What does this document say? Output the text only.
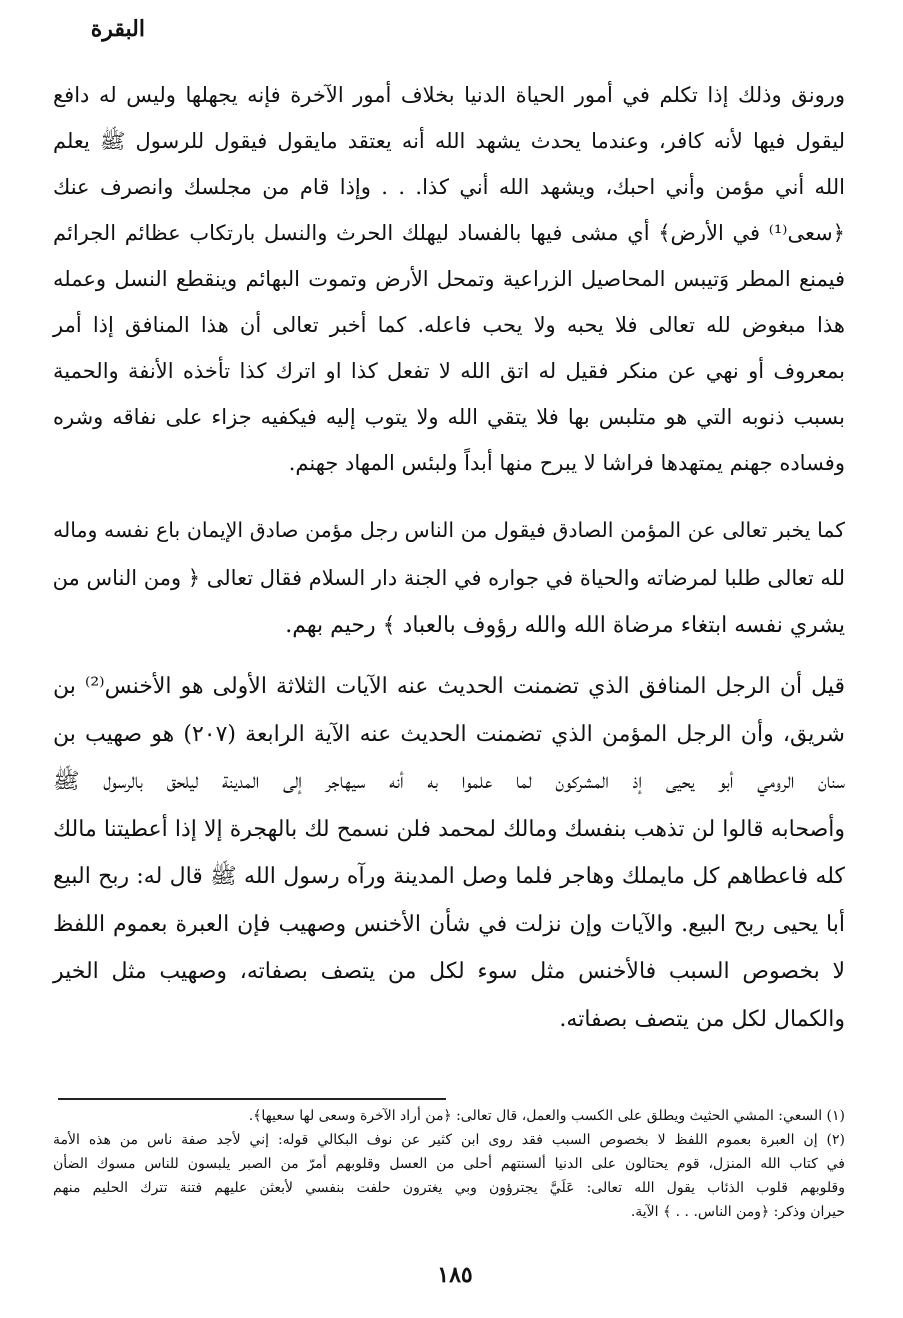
البقرة
ورونق وذلك إذا تكلم في أمور الحياة الدنيا بخلاف أمور الآخرة فإنه يجهلها وليس له دافع
ليقول فيها لأنه كافر، وعندما يحدث يشهد الله أنه يعتقد مايقول فيقول للرسول ﷺ يعلم
الله أني مؤمن وأني احبك، ويشهد الله أني كذا. . . وإذا قام من مجلسك وانصرف عنك
﴿سعى⁽¹⁾ في الأرض﴾ أي مشى فيها بالفساد ليهلك الحرث والنسل بارتكاب عظائم الجرائم
فيمنع المطر وَتيبس المحاصيل الزراعية وتمحل الأرض وتموت البهائم وينقطع النسل وعمله
هذا مبغوض لله تعالى فلا يحبه ولا يحب فاعله. كما أخبر تعالى أن هذا المنافق إذا أمر
بمعروف أو نهي عن منكر فقيل له اتق الله لا تفعل كذا او اترك كذا تأخذه الأنفة والحمية
بسبب ذنوبه التي هو متلبس بها فلا يتقي الله ولا يتوب إليه فيكفيه جزاء على نفاقه وشره
وفساده جهنم يمتهدها فراشا لا يبرح منها أبداً ولبئس المهاد جهنم.
كما يخبر تعالى عن المؤمن الصادق فيقول من الناس رجل مؤمن صادق الإيمان باع نفسه وماله
لله تعالى طلبا لمرضاته والحياة في جواره في الجنة دار السلام فقال تعالى ﴿ ومن الناس من
يشري نفسه ابتغاء مرضاة الله والله رؤوف بالعباد ﴾ رحيم بهم.
قيل أن الرجل المنافق الذي تضمنت الحديث عنه الآيات الثلاثة الأولى هو الأخنس⁽²⁾ بن
شريق، وأن الرجل المؤمن الذي تضمنت الحديث عنه الآية الرابعة (٢٠٧) هو صهيب بن
سنان الرومي أبو يحيى إذ المشركون لما علموا به أنه سيهاجر إلى المدينة ليلحق بالرسول ﷺ
وأصحابه قالوا لن تذهب بنفسك ومالك لمحمد فلن نسمح لك بالهجرة إلا إذا أعطيتنا مالك
كله فاعطاهم كل مايملك وهاجر فلما وصل المدينة ورآه رسول الله ﷺ قال له: ربح البيع
أبا يحيى ربح البيع. والآيات وإن نزلت في شأن الأخنس وصهيب فإن العبرة بعموم اللفظ
لا بخصوص السبب فالأخنس مثل سوء لكل من يتصف بصفاته، وصهيب مثل الخير
والكمال لكل من يتصف بصفاته.
(١) السعي: المشي الحثيث ويطلق على الكسب والعمل، قال تعالى: ﴿من أراد الآخرة وسعى لها سعيها﴾.
(٢) إن العبرة بعموم اللفظ لا بخصوص السبب فقد روى ابن كثير عن نوف البكالي قوله: إني لأجد صفة ناس من هذه الأمة
في كتاب الله المنزل، قوم يحتالون على الدنيا ألسنتهم أحلى من العسل وقلوبهم أمرّ من الصبر يلبسون للناس مسوك الضأن
وقلوبهم قلوب الذئاب يقول الله تعالى: عَلَيَّ يجترؤون وبي يغترون حلفت بنفسي لأبعثن عليهم فتنة تترك الحليم منهم
حيران وذكر: ﴿ومن الناس. . . ﴾ الآية.
١٨٥
